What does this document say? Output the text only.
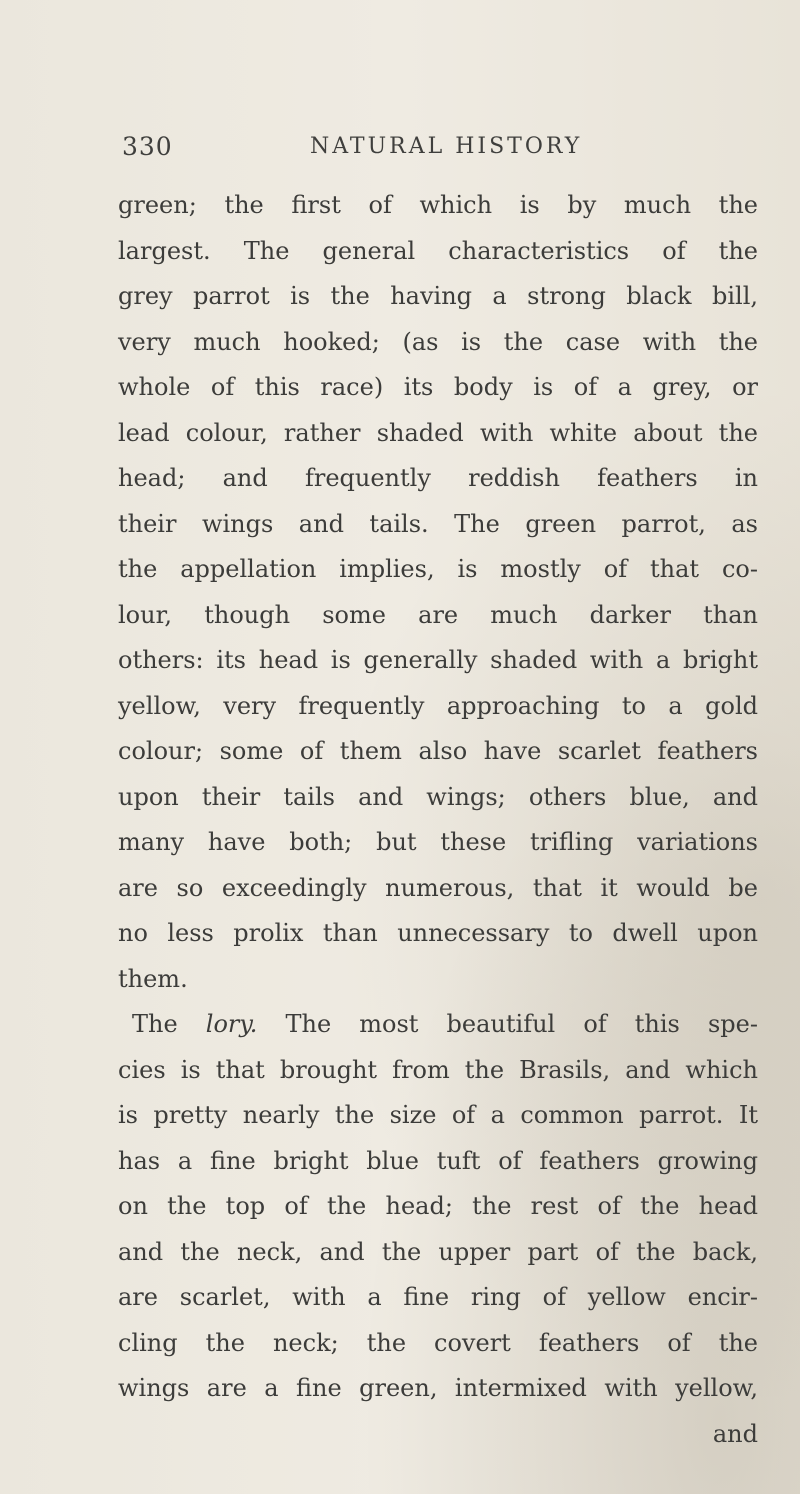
330	NATURAL HISTORY
green; the first of which is by much the
largest. The general characteristics of the
grey parrot is the having a strong black bill,
very much hooked; (as is the case with the
whole of this race) its body is of a grey, or
lead colour, rather shaded with white about the
head; and frequently reddish feathers in
their wings and tails. The green parrot, as
the appellation implies, is mostly of that co-
lour, though some are much darker than
others: its head is generally shaded with a bright
yellow, very frequently approaching to a gold
colour; some of them also have scarlet feathers
upon their tails and wings; others blue, and
many have both; but these trifling variations
are so exceedingly numerous, that it would be
no less prolix than unnecessary to dwell upon
them.
The lory. The most beautiful of this spe-
cies is that brought from the Brasils, and which
is pretty nearly the size of a common parrot. It
has a fine bright blue tuft of feathers growing
on the top of the head; the rest of the head
and the neck, and the upper part of the back,
are scarlet, with a fine ring of yellow encir-
cling the neck; the covert feathers of the
wings are a fine green, intermixed with yellow,
and
